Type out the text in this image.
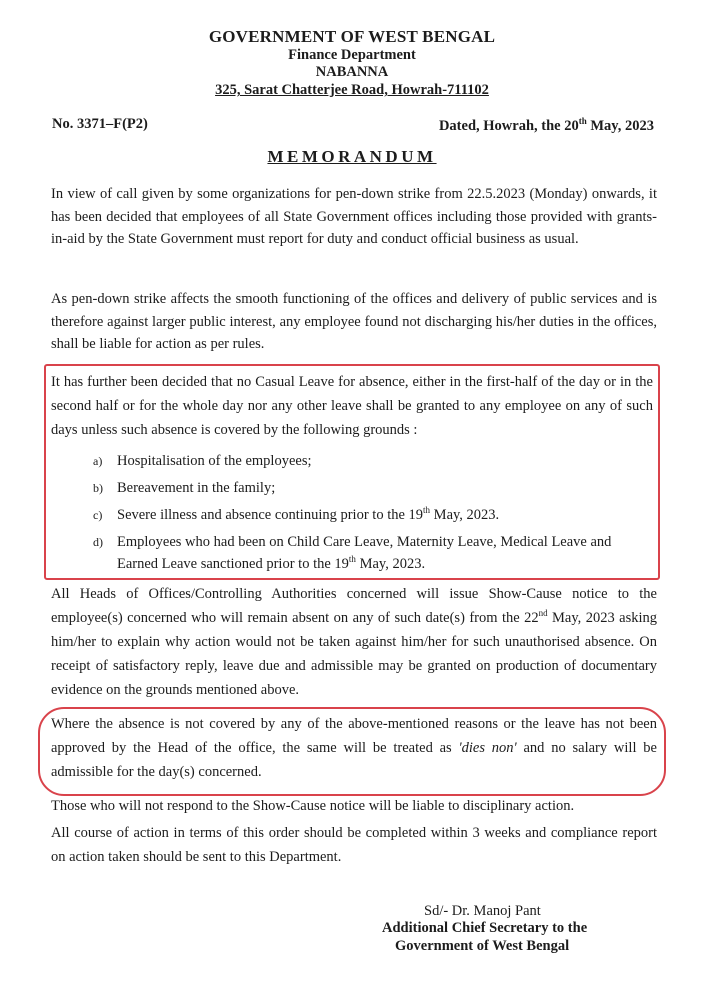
GOVERNMENT OF WEST BENGAL
Finance Department
NABANNA
325, Sarat Chatterjee Road, Howrah-711102
No. 3371–F(P2)	Dated, Howrah, the 20th May, 2023
MEMORANDUM
In view of call given by some organizations for pen-down strike from 22.5.2023 (Monday) onwards, it has been decided that employees of all State Government offices including those provided with grants-in-aid by the State Government must report for duty and conduct official business as usual.
As pen-down strike affects the smooth functioning of the offices and delivery of public services and is therefore against larger public interest, any employee found not discharging his/her duties in the offices, shall be liable for action as per rules.
It has further been decided that no Casual Leave for absence, either in the first-half of the day or in the second half or for the whole day nor any other leave shall be granted to any employee on any of such days unless such absence is covered by the following grounds :
a) Hospitalisation of the employees;
b) Bereavement in the family;
c) Severe illness and absence continuing prior to the 19th May, 2023.
d) Employees who had been on Child Care Leave, Maternity Leave, Medical Leave and Earned Leave sanctioned prior to the 19th May, 2023.
All Heads of Offices/Controlling Authorities concerned will issue Show-Cause notice to the employee(s) concerned who will remain absent on any of such date(s) from the 22nd May, 2023 asking him/her to explain why action would not be taken against him/her for such unauthorised absence. On receipt of satisfactory reply, leave due and admissible may be granted on production of documentary evidence on the grounds mentioned above.
Where the absence is not covered by any of the above-mentioned reasons or the leave has not been approved by the Head of the office, the same will be treated as 'dies non' and no salary will be admissible for the day(s) concerned.
Those who will not respond to the Show-Cause notice will be liable to disciplinary action.
All course of action in terms of this order should be completed within 3 weeks and compliance report on action taken should be sent to this Department.
Sd/- Dr. Manoj Pant
Additional Chief Secretary to the
Government of West Bengal
